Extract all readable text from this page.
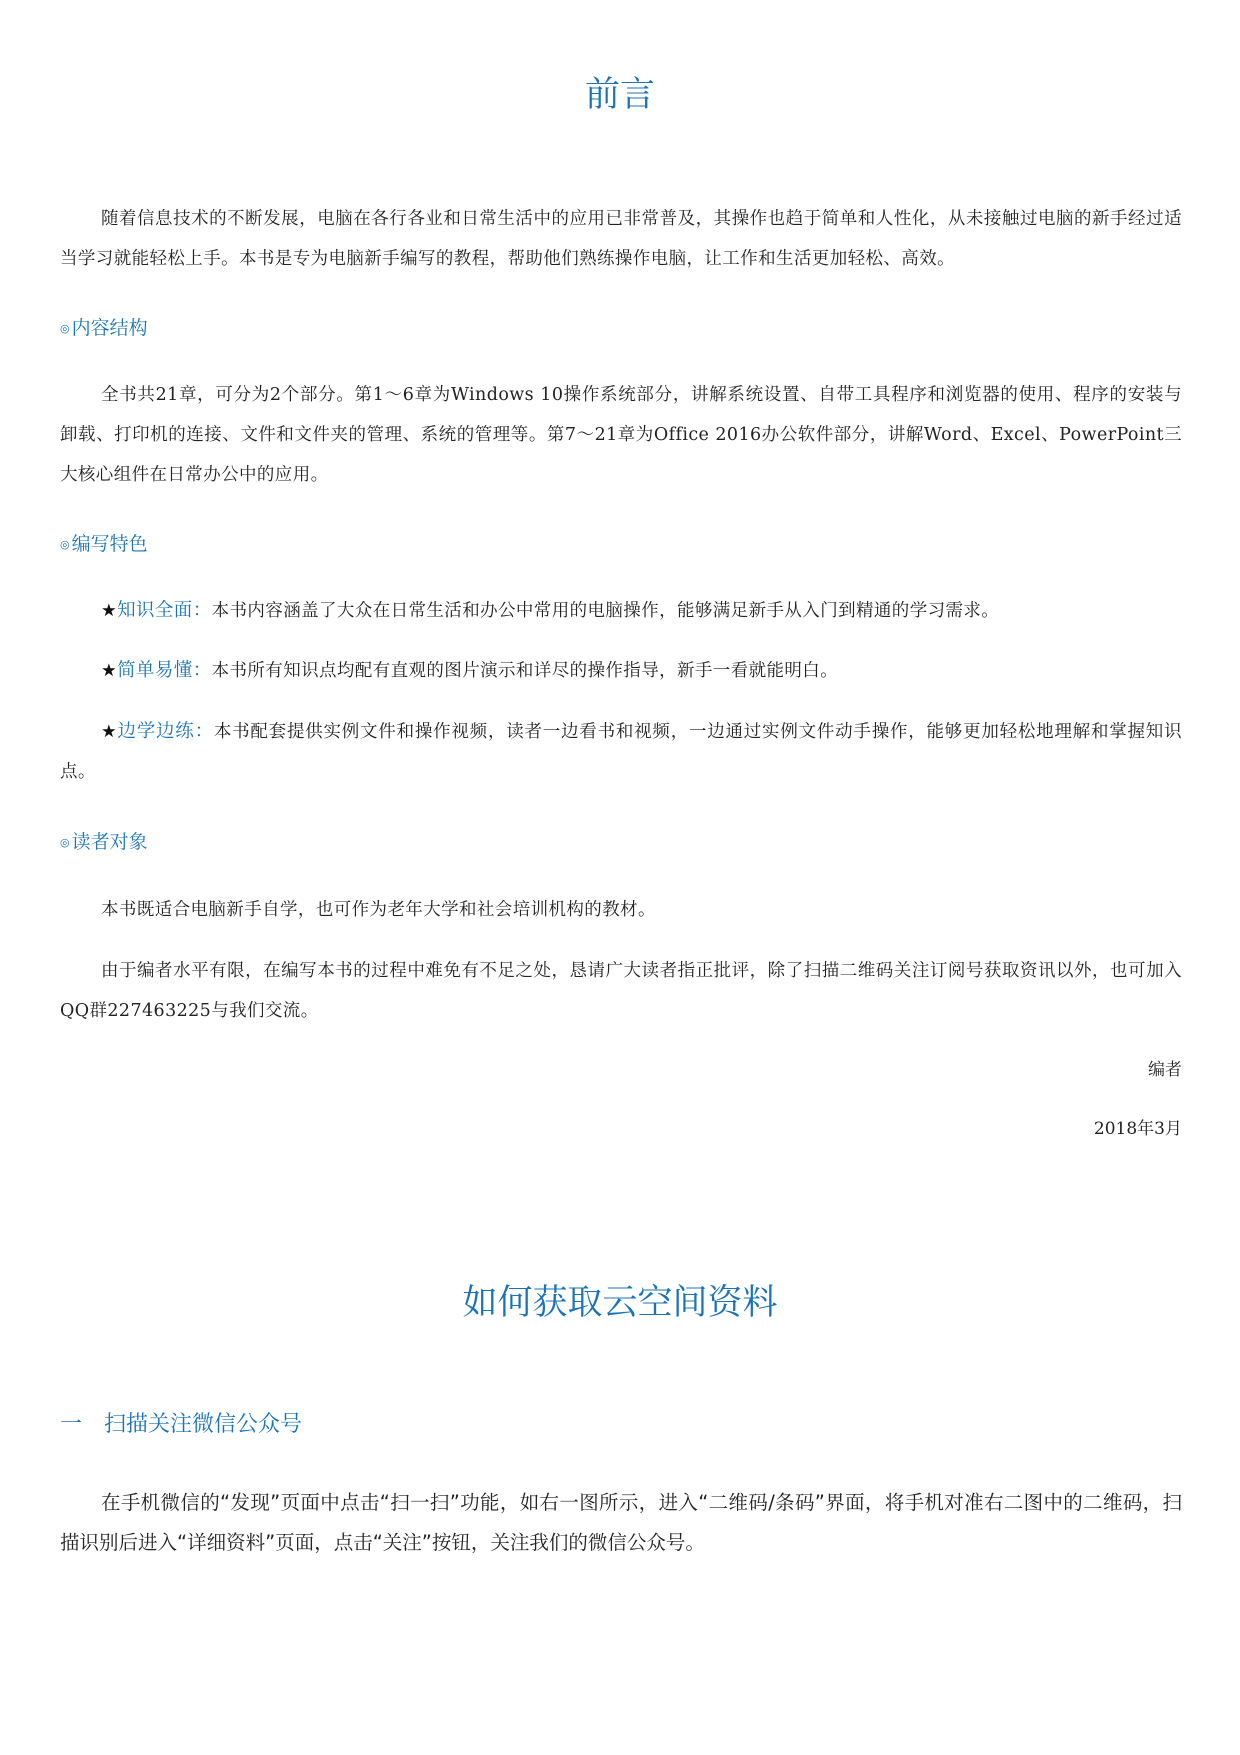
前言

随着信息技术的不断发展，电脑在各行各业和日常生活中的应用已非常普及，其操作也趋于简单和人性化，从未接触过电脑的新手经过适当学习就能轻松上手。本书是专为电脑新手编写的教程，帮助他们熟练操作电脑，让工作和生活更加轻松、高效。

◎ 内容结构

全书共21章，可分为2个部分。第1～6章为Windows 10操作系统部分，讲解系统设置、自带工具程序和浏览器的使用、程序的安装与卸载、打印机的连接、文件和文件夹的管理、系统的管理等。第7～21章为Office 2016办公软件部分，讲解Word、Excel、PowerPoint三大核心组件在日常办公中的应用。

◎ 编写特色

★知识全面：本书内容涵盖了大众在日常生活和办公中常用的电脑操作，能够满足新手从入门到精通的学习需求。

★简单易懂：本书所有知识点均配有直观的图片演示和详尽的操作指导，新手一看就能明白。

★边学边练：本书配套提供实例文件和操作视频，读者一边看书和视频，一边通过实例文件动手操作，能够更加轻松地理解和掌握知识点。

◎ 读者对象

本书既适合电脑新手自学，也可作为老年大学和社会培训机构的教材。

由于编者水平有限，在编写本书的过程中难免有不足之处，恳请广大读者指正批评，除了扫描二维码关注订阅号获取资讯以外，也可加入QQ群227463225与我们交流。

编者

2018年3月

如何获取云空间资料
一 扫描关注微信公众号

在手机微信的“发现”页面中点击“扫一扫”功能，如右一图所示，进入“二维码/条码”界面，将手机对准右二图中的二维码，扫描识别后进入“详细资料”页面，点击“关注”按钮，关注我们的微信公众号。
